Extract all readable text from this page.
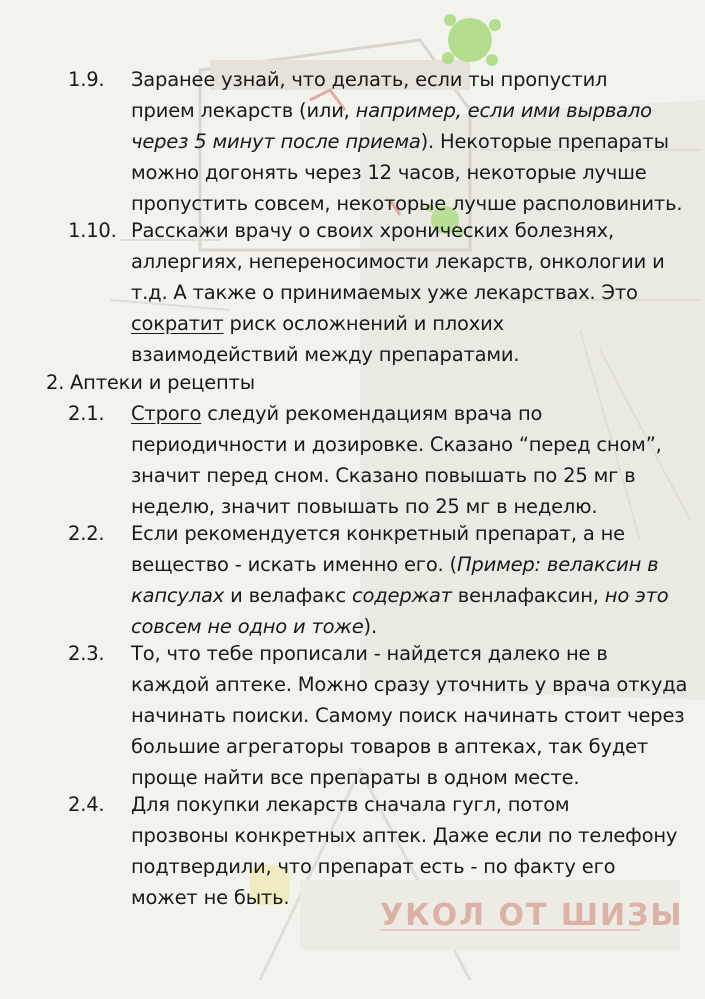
УКОЛ ОТ ШИЗЫ
1.9. Заранее узнай, что делать, если ты пропустил
прием лекарств (или, например, если ими вырвало
через 5 минут после приема). Некоторые препараты
можно догонять через 12 часов, некоторые лучше
пропустить совсем, некоторые лучше располовинить.
1.10. Расскажи врачу о своих хронических болезнях,
аллергиях, непереносимости лекарств, онкологии и
т.д. А также о принимаемых уже лекарствах. Это
сократит риск осложнений и плохих
взаимодействий между препаратами.
2. Аптеки и рецепты
2.1. Строго следуй рекомендациям врача по
периодичности и дозировке. Сказано “перед сном”,
значит перед сном. Сказано повышать по 25 мг в
неделю, значит повышать по 25 мг в неделю.
2.2. Если рекомендуется конкретный препарат, а не
вещество - искать именно его. (Пример: велаксин в
капсулах и велафакс содержат венлафаксин, но это
совсем не одно и тоже).
2.3. То, что тебе прописали - найдется далеко не в
каждой аптеке. Можно сразу уточнить у врача откуда
начинать поиски. Самому поиск начинать стоит через
большие агрегаторы товаров в аптеках, так будет
проще найти все препараты в одном месте.
2.4. Для покупки лекарств сначала гугл, потом
прозвоны конкретных аптек. Даже если по телефону
подтвердили, что препарат есть - по факту его
может не быть.
